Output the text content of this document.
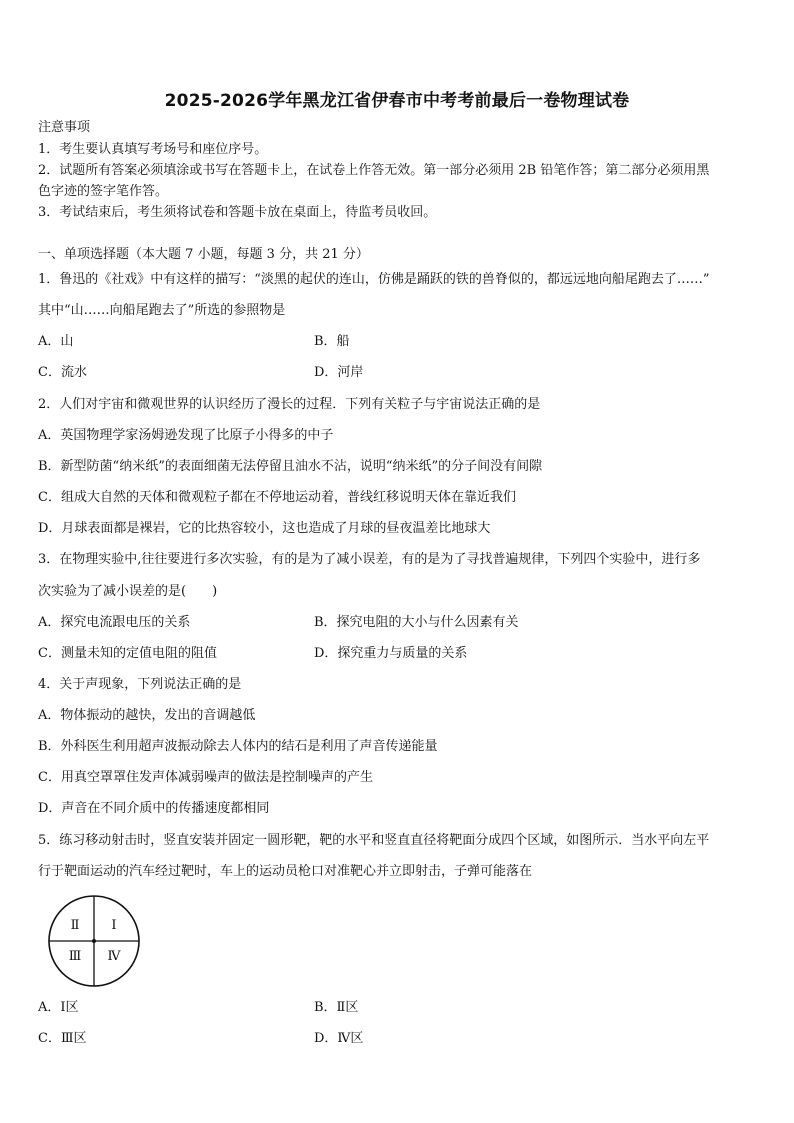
2025-2026学年黑龙江省伊春市中考考前最后一卷物理试卷
注意事项
1．考生要认真填写考场号和座位序号。
2．试题所有答案必须填涂或书写在答题卡上，在试卷上作答无效。第一部分必须用 2B 铅笔作答；第二部分必须用黑
色字迹的签字笔作答。
3．考试结束后，考生须将试卷和答题卡放在桌面上，待监考员收回。
一、单项选择题（本大题 7 小题，每题 3 分，共 21 分）
1．鲁迅的《社戏》中有这样的描写：“淡黑的起伏的连山，仿佛是踊跃的铁的兽脊似的，都远远地向船尾跑去了……”
其中“山……向船尾跑去了”所选的参照物是
A．山	B．船
C．流水	D．河岸
2．人们对宇宙和微观世界的认识经历了漫长的过程．下列有关粒子与宇宙说法正确的是
A．英国物理学家汤姆逊发现了比原子小得多的中子
B．新型防菌“纳米纸”的表面细菌无法停留且油水不沾，说明“纳米纸”的分子间没有间隙
C．组成大自然的天体和微观粒子都在不停地运动着，普线红移说明天体在靠近我们
D．月球表面都是裸岩，它的比热容较小，这也造成了月球的昼夜温差比地球大
3．在物理实验中,往往要进行多次实验，有的是为了减小误差，有的是为了寻找普遍规律，下列四个实验中，进行多
次实验为了减小误差的是(　　)
A．探究电流跟电压的关系	B．探究电阻的大小与什么因素有关
C．测量未知的定值电阻的阻值	D．探究重力与质量的关系
4．关于声现象，下列说法正确的是
A．物体振动的越快，发出的音调越低
B．外科医生利用超声波振动除去人体内的结石是利用了声音传递能量
C．用真空罩罩住发声体减弱噪声的做法是控制噪声的产生
D．声音在不同介质中的传播速度都相同
5．练习移动射击时，竖直安装并固定一圆形靶，靶的水平和竖直直径将靶面分成四个区域，如图所示．当水平向左平
行于靶面运动的汽车经过靶时，车上的运动员枪口对准靶心并立即射击，子弹可能落在
Ⅱ Ⅰ
Ⅲ Ⅳ
A．Ⅰ区	B．Ⅱ区
C．Ⅲ区	D．Ⅳ区
